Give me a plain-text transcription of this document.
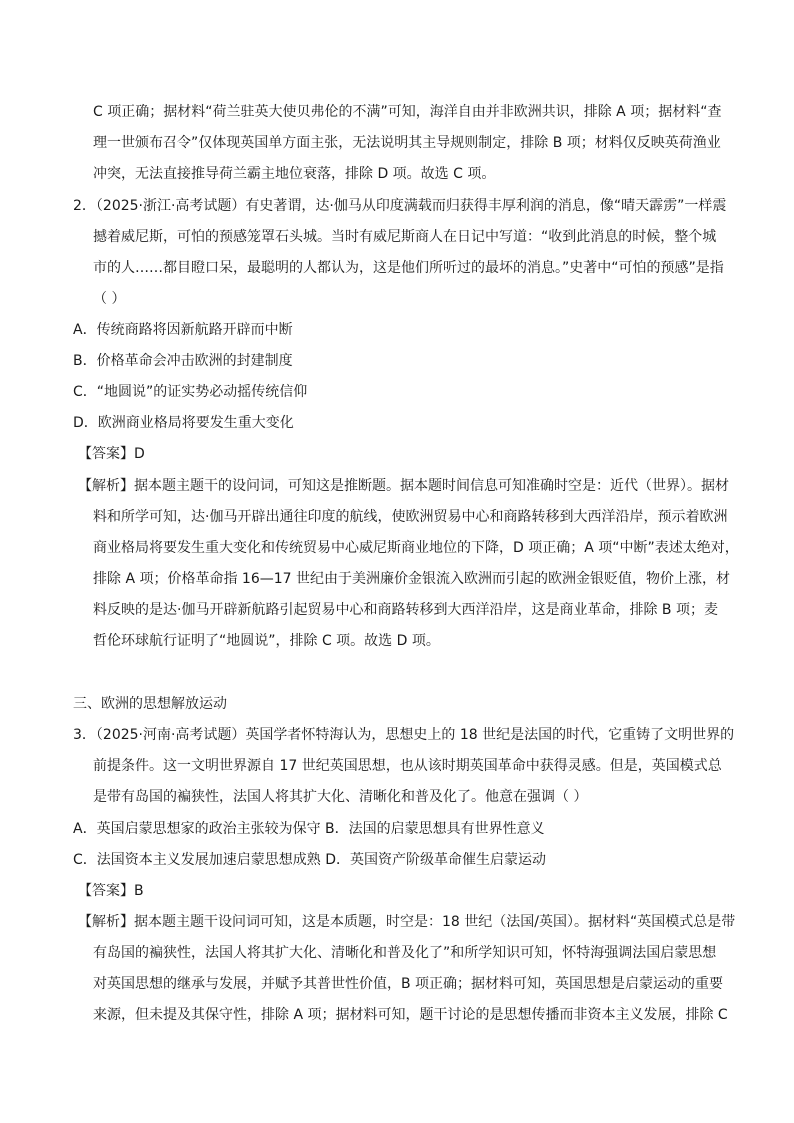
C 项正确；据材料“荷兰驻英大使贝弗伦的不满”可知，海洋自由并非欧洲共识，排除 A 项；据材料“查
理一世颁布召令”仅体现英国单方面主张，无法说明其主导规则制定，排除 B 项；材料仅反映英荷渔业
冲突，无法直接推导荷兰霸主地位衰落，排除 D 项。故选 C 项。
2．（2025·浙江·高考试题）有史著谓，达·伽马从印度满载而归获得丰厚利润的消息，像“晴天霹雳”一样震
撼着威尼斯，可怕的预感笼罩石头城。当时有威尼斯商人在日记中写道：“收到此消息的时候，整个城
市的人……都目瞪口呆，最聪明的人都认为，这是他们所听过的最坏的消息。”史著中“可怕的预感”是指
（ ）
A．传统商路将因新航路开辟而中断
B．价格革命会冲击欧洲的封建制度
C．“地圆说”的证实势必动摇传统信仰
D．欧洲商业格局将要发生重大变化
【答案】D
【解析】据本题主题干的设问词，可知这是推断题。据本题时间信息可知准确时空是：近代（世界）。据材
料和所学可知，达·伽马开辟出通往印度的航线，使欧洲贸易中心和商路转移到大西洋沿岸，预示着欧洲
商业格局将要发生重大变化和传统贸易中心威尼斯商业地位的下降，D 项正确；A 项“中断”表述太绝对，
排除 A 项；价格革命指 16—17 世纪由于美洲廉价金银流入欧洲而引起的欧洲金银贬值，物价上涨，材
料反映的是达·伽马开辟新航路引起贸易中心和商路转移到大西洋沿岸，这是商业革命，排除 B 项；麦
哲伦环球航行证明了“地圆说”，排除 C 项。故选 D 项。
三、欧洲的思想解放运动
3．（2025·河南·高考试题）英国学者怀特海认为，思想史上的 18 世纪是法国的时代，它重铸了文明世界的
前提条件。这一文明世界源自 17 世纪英国思想，也从该时期英国革命中获得灵感。但是，英国模式总
是带有岛国的褊狭性，法国人将其扩大化、清晰化和普及化了。他意在强调（ ）
A．英国启蒙思想家的政治主张较为保守 B．法国的启蒙思想具有世界性意义
C．法国资本主义发展加速启蒙思想成熟 D．英国资产阶级革命催生启蒙运动
【答案】B
【解析】据本题主题干设问词可知，这是本质题，时空是：18 世纪（法国/英国）。据材料“英国模式总是带
有岛国的褊狭性，法国人将其扩大化、清晰化和普及化了”和所学知识可知，怀特海强调法国启蒙思想
对英国思想的继承与发展，并赋予其普世性价值，B 项正确；据材料可知，英国思想是启蒙运动的重要
来源，但未提及其保守性，排除 A 项；据材料可知，题干讨论的是思想传播而非资本主义发展，排除 C
